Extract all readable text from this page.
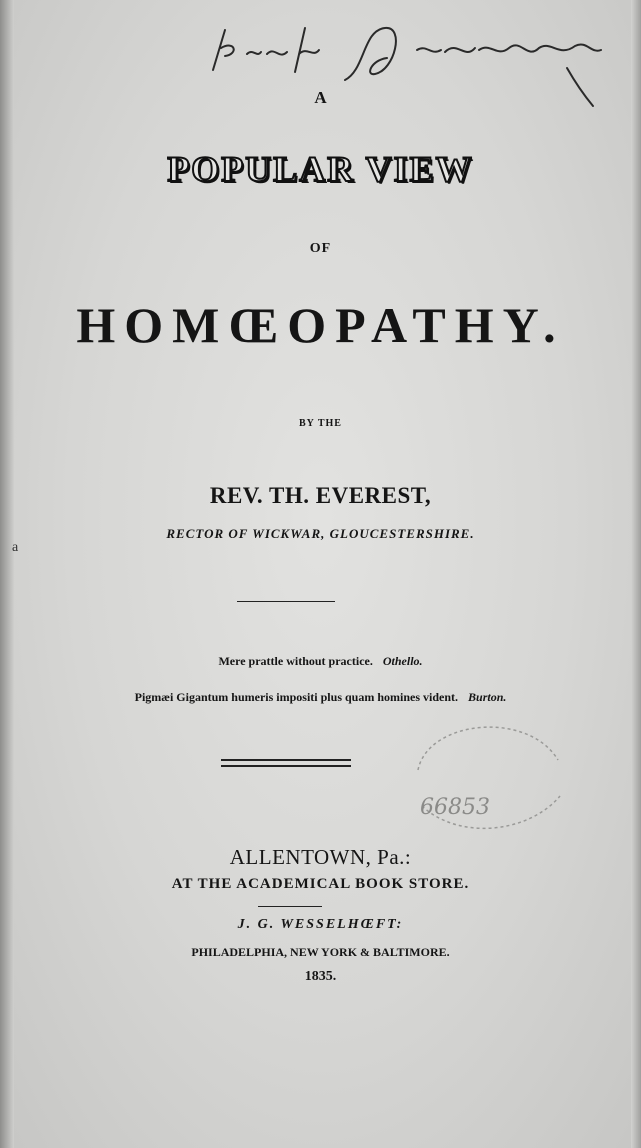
A
POPULAR VIEW
OF
HOMŒOPATHY.
BY THE
REV. TH. EVEREST,
RECTOR OF WICKWAR, GLOUCESTERSHIRE.
a
Mere prattle without practice. Othello.
Pigmæi Gigantum humeris impositi plus quam homines vident. Burton.
66853
ALLENTOWN, Pa.:
AT THE ACADEMICAL BOOK STORE.
J. G. WESSELHŒFT:
PHILADELPHIA, NEW YORK & BALTIMORE.
1835.
